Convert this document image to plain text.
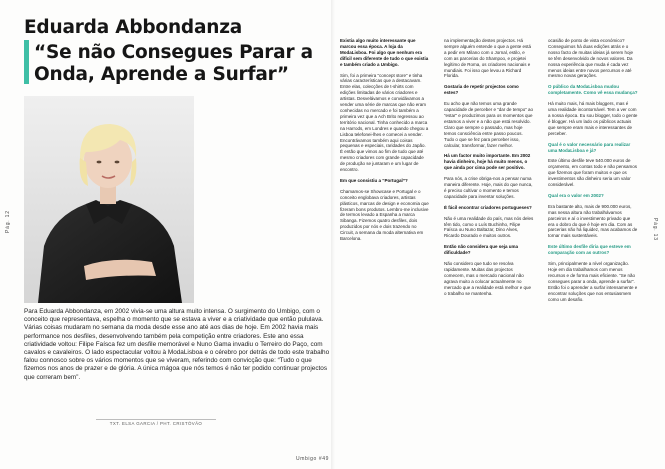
Eduarda Abbondanza
“Se não Consegues Parar a Onda, Aprende a Surfar”

Para Eduarda Abbondanza, em 2002 vivia-se uma altura muito intensa. O surgimento do Umbigo, com o conceito que representava, espelha o momento que se estava a viver e a criatividade que então pululava. Várias coisas mudaram no semana da moda desde esse ano até aos dias de hoje. Em 2002 havia mais performance nos desfiles, desenvolvendo também pela competição entre criadores. Este ano essa criatividade voltou: Filipe Faísca fez um desfile memorável e Nuno Gama invadiu o Terreiro do Paço, com cavalos e cavaleiros. O lado espectacular voltou à ModaLisboa e o cérebro por detrás de todo este trabalho falou connosco sobre os vários momentos que se viveram, referindo com convicção que: “Tudo o que fizemos nos anos de prazer e de glória. A única mágoa que nós temos é não ter podido continuar projectos que correram bem”.

TXT. ELSA GARCIA / PHT. CRISTÓVÃO
Umbigo #49
Pág. 12	Pág. 13

Existia algo muito interessante que marcou essa época. A loja da ModaLisboa. Foi algo que nenhum era difícil sem diferente de tudo o que existia e também criado a Umbigo.

Sim, foi a primeira “concept store” e tinha várias características que a destacavam. Entre elas, colecções de t-shirts com edições limitadas de vários criadores e artistas. Desvelávamos e convidávamos a vender uma série de marcas que não eram conhecidas no mercado e foi também a primeira vez que a Ach Brito regressou ao território nacional. Tinha conhecido a marca na Harrods, em Londres e quando chegou a Lisboa telefonei-lhes e comecei a vender. Encontrávamos também aqui coisas pequenas e especiais, raridades do Japão. É então que vimos ao fim de tudo que até mesmo criadores com grande capacidade de produção se juntaram e um lugar de encontro.

Em que consistiu a “Portugal”?

Chamamos-se Showcase e Portugal e o conceito englobava criadores, artistas plásticos, marcas de design e economia que fizeram bons produtos. Lembro-me inclusive de termos levado a Espanha a marca Sibanga. Fizemos quatro desfiles, dois produzidos por nós e dois trazendo no Circuit, a semana da moda alternativa em Barcelona.

na implementação destes projectos. Há sempre alguém entende o que a gente está a pedir em Milano com o Jornal, estilo, e com as parcerias do Shampoo, e projetei legítimo de Roma, os criadores nacionais e mundiais. Foi isso que levou a Richard Florida.

Gostaria de repetir projectos como estes?

Eu acho que não temos uma grande capacidade de perceber e “dar de tempo” ao “estar” e produzimos para os momentos que estamos a viver e a não que está resolvido. Claro que sempre o passado, mas hoje temos consciência entre passo poucos. Tudo o que se fez para perceber isso, calcular, transformar, fazer melhor.

Há um factor muito importante. Em 2002 havia dinheiro, hoje há muito menos, o que ainda por cima pode ser positivo.

Para nós, a crise obriga-nos a pensar numa maneira diferente. Hoje, mais do que nunca, é preciso cultivar o momento e temos capacidade para inventar soluções.

É fácil encontrar criadores portugueses?

Não é uma realidade do país, mas nós deles têm tido, como o Luís Buchinho, Filipe Faísca ou Nuno Baltazar, Dino Alves, Ricardo Dourado e muitos outros.

Então não considera que seja uma dificuldade?

Não considero que tudo se resolva rapidamente. Muitas das projectos comecem, mas o mercado nacional não agrava muito a colocar actualmente no mercado que a realidade está melhor e que o trabalho se mantenha.

ocasião de ponto de vista económico? Conseguimos há duas edições atrás e o nosso facto de muitas ideias já serem hoje se têm desenvolvido de novos valores. Da nossa experiência que muda é cada vez menos ideias entre novos percursos e até mesmo novas gerações.

O público da ModaLisboa mudou completamente. Como vê essa mudança?

Há muito mais, há mais bloggers, mas é uma realidade incontornável. Tem a ver com a nossa época. Eu sou blogger, todo o gente é blogger. Há um lado os públicos actuais que sempre eram mais e interessantes de perceber.

Qual é o valor necessário para realizar uma ModaLisboa e já?

Este último desfile teve 540.000 euros de orçamento, em contas todo e não pensamos que fizemos que foram muitos e que os investimentos são dinheiro seria um valor considerável.

Qual era o valor em 2002?

Era bastante alto, mais de 900.000 euros, mas nessa altura não trabalhávamos parceiros e aí o investimento privado que era o dobro do que é hoje em dia. Com as parcerias não há liquidez, mas acabamos de tornar mais sustentáveis.

Este último desfile diria que esteve em comparação com as outros?

Sim, principalmente a nível organização. Hoje em dia trabalhamos com menos recursos e de forma mais eficiente. “Se não consegues parar a onda, aprende a surfar”. Então foi o aprender a surfar intensamente e encontrar soluções que nos entusiasmem como um desafio.
